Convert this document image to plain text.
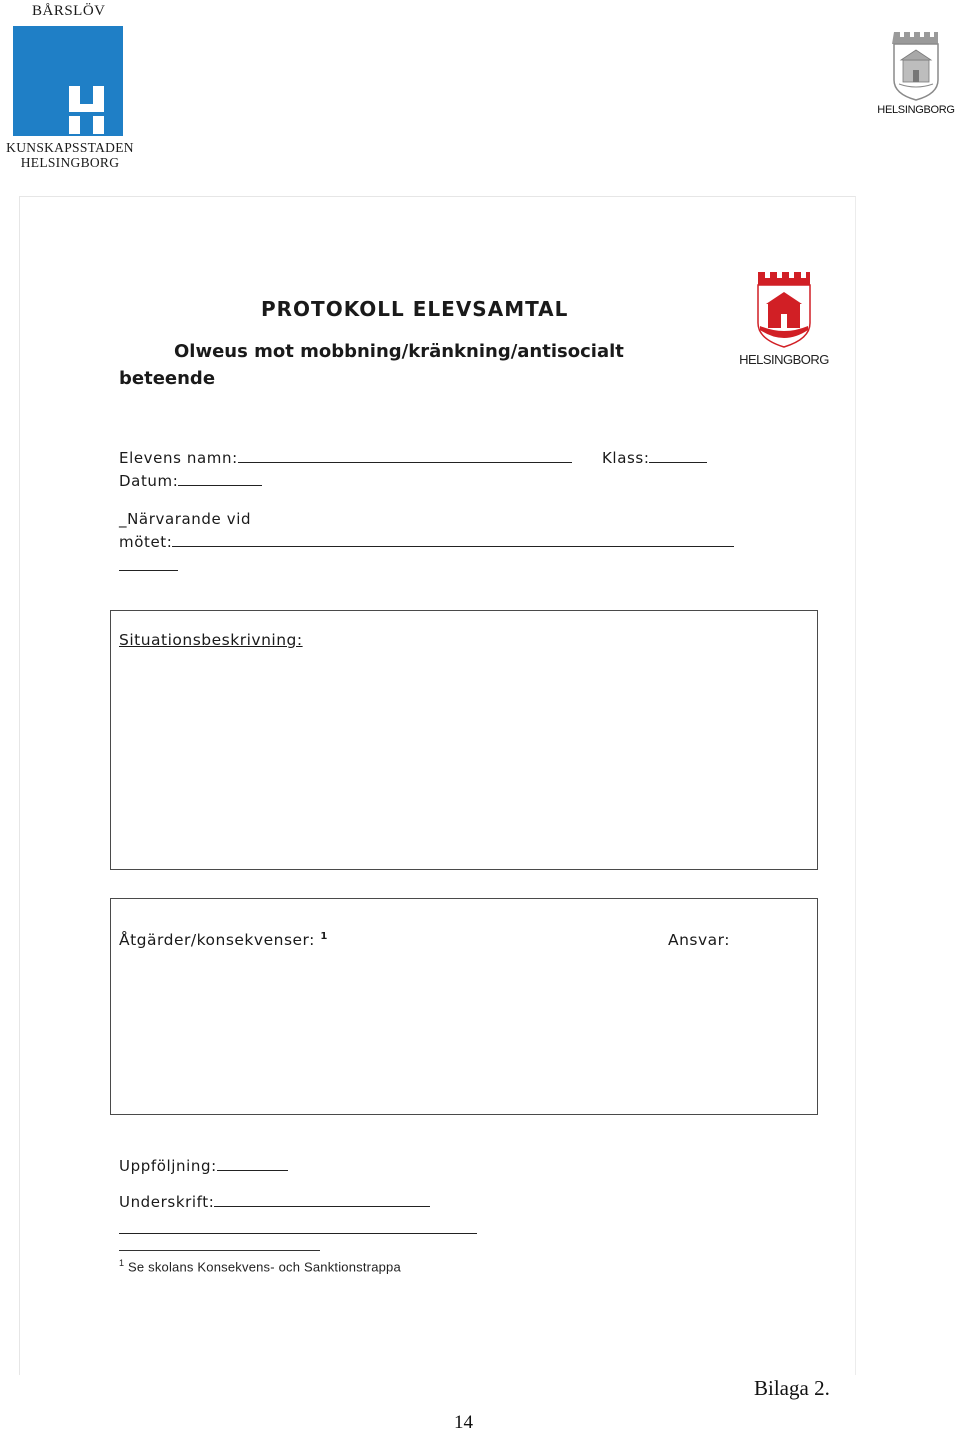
BÅRSLÖV
KUNSKAPSSTADEN
HELSINGBORG
HELSINGBORG
PROTOKOLL ELEVSAMTAL
Olweus mot mobbning/kränkning/antisocialt
beteende
HELSINGBORG
Elevens namn:	Klass:
Datum:
_Närvarande vid
mötet:
Situationsbeskrivning:
Åtgärder/konsekvenser: $^1$	Ansvar:
Uppföljning:
Underskrift:
$^1$ Se skolans Konsekvens- och Sanktionstrappa
Bilaga 2.
14
